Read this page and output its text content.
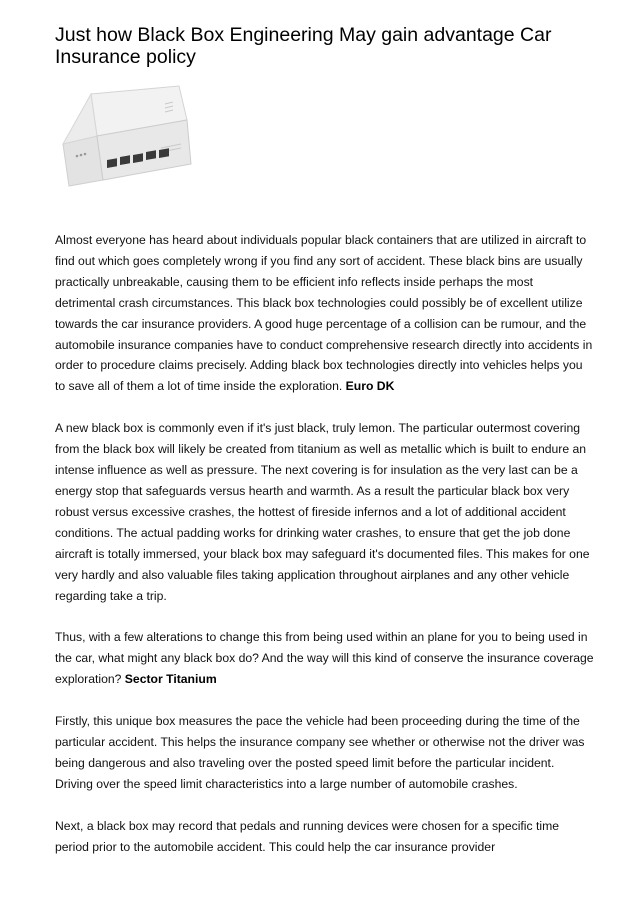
Just how Black Box Engineering May gain advantage Car Insurance policy

Almost everyone has heard about individuals popular black containers that are utilized in aircraft to find out which goes completely wrong if you find any sort of accident. These black bins are usually practically unbreakable, causing them to be efficient info reflects inside perhaps the most detrimental crash circumstances. This black box technologies could possibly be of excellent utilize towards the car insurance providers. A good huge percentage of a collision can be rumour, and the automobile insurance companies have to conduct comprehensive research directly into accidents in order to procedure claims precisely. Adding black box technologies directly into vehicles helps you to save all of them a lot of time inside the exploration. Euro DK

A new black box is commonly even if it's just black, truly lemon. The particular outermost covering from the black box will likely be created from titanium as well as metallic which is built to endure an intense influence as well as pressure. The next covering is for insulation as the very last can be a energy stop that safeguards versus hearth and warmth. As a result the particular black box very robust versus excessive crashes, the hottest of fireside infernos and a lot of additional accident conditions. The actual padding works for drinking water crashes, to ensure that get the job done aircraft is totally immersed, your black box may safeguard it's documented files. This makes for one very hardly and also valuable files taking application throughout airplanes and any other vehicle regarding take a trip.

Thus, with a few alterations to change this from being used within an plane for you to being used in the car, what might any black box do? And the way will this kind of conserve the insurance coverage exploration? Sector Titanium

Firstly, this unique box measures the pace the vehicle had been proceeding during the time of the particular accident. This helps the insurance company see whether or otherwise not the driver was being dangerous and also traveling over the posted speed limit before the particular incident. Driving over the speed limit characteristics into a large number of automobile crashes.

Next, a black box may record that pedals and running devices were chosen for a specific time period prior to the automobile accident. This could help the car insurance provider
